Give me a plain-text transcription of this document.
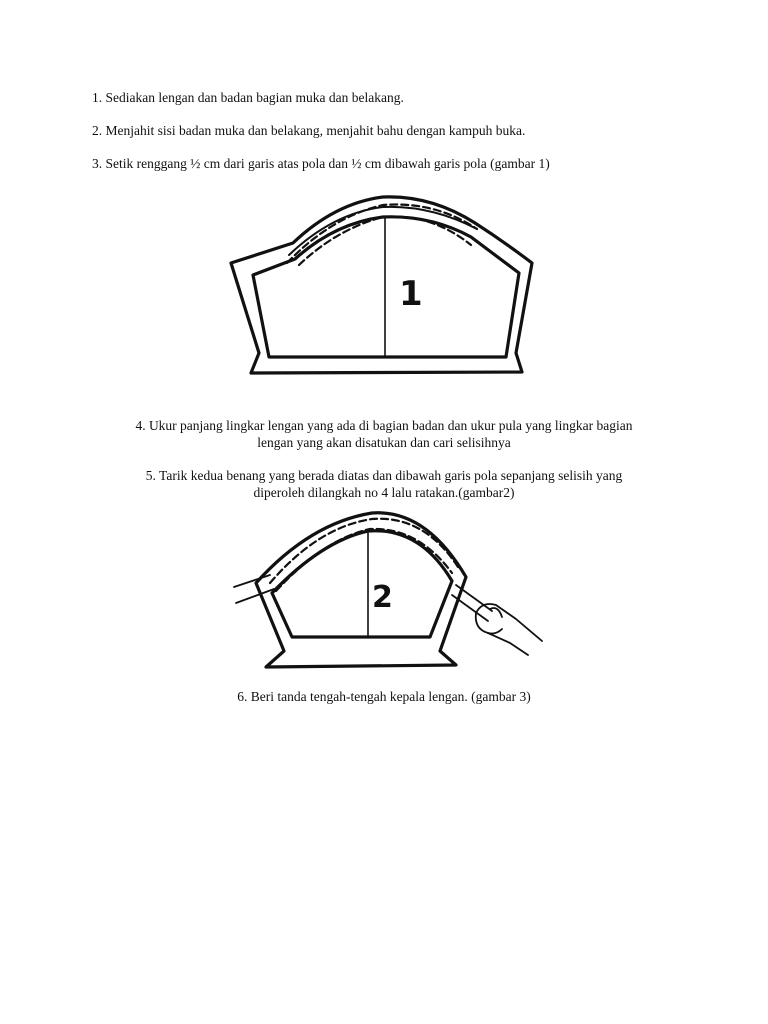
1. Sediakan lengan dan badan bagian muka dan belakang.
2. Menjahit sisi badan muka dan belakang, menjahit bahu dengan kampuh buka.
3. Setik renggang ½ cm dari garis atas pola dan ½ cm dibawah garis pola (gambar 1)
1
4. Ukur panjang lingkar lengan yang ada di bagian badan dan ukur pula yang lingkar bagian
lengan yang akan disatukan dan cari selisihnya
5. Tarik kedua benang yang berada diatas dan dibawah garis pola sepanjang selisih yang
diperoleh dilangkah no 4 lalu ratakan.(gambar2)
2
6. Beri tanda tengah-tengah kepala lengan. (gambar 3)
